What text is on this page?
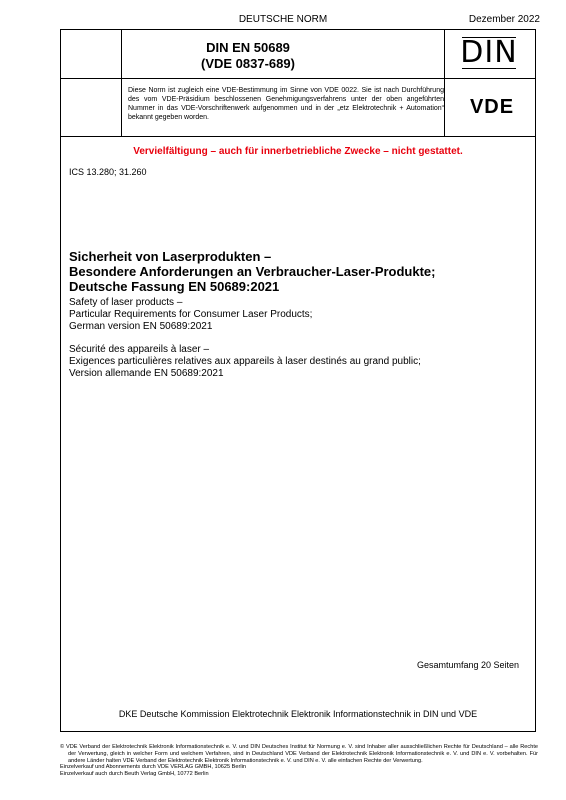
DEUTSCHE NORM	Dezember 2022
DIN EN 50689
(VDE 0837-689)	DIN
Diese Norm ist zugleich eine VDE-Bestimmung im Sinne von VDE 0022. Sie ist nach Durchführung des vom VDE-Präsidium beschlossenen Genehmigungsverfahrens unter der oben angeführten Nummer in das VDE-Vorschriftenwerk aufgenommen und in der „etz Elektrotechnik + Automation“ bekannt gegeben worden.	VDE
Vervielfältigung – auch für innerbetriebliche Zwecke – nicht gestattet.
ICS 13.280; 31.260
Sicherheit von Laserprodukten –
Besondere Anforderungen an Verbraucher-Laser-Produkte;
Deutsche Fassung EN 50689:2021
Safety of laser products –
Particular Requirements for Consumer Laser Products;
German version EN 50689:2021
Sécurité des appareils à laser –
Exigences particulières relatives aux appareils à laser destinés au grand public;
Version allemande EN 50689:2021
Gesamtumfang 20 Seiten
DKE Deutsche Kommission Elektrotechnik Elektronik Informationstechnik in DIN und VDE
© VDE Verband der Elektrotechnik Elektronik Informationstechnik e. V. und DIN Deutsches Institut für Normung e. V. sind Inhaber aller ausschließlichen Rechte für Deutschland – alle Rechte der Verwertung, gleich in welcher Form und welchem Verfahren, sind in Deutschland VDE Verband der Elektrotechnik Elektronik Informationstechnik e. V. und DIN e. V. vorbehalten. Für andere Länder halten VDE Verband der Elektrotechnik Elektronik Informationstechnik e. V. und DIN e. V. alle einfachen Rechte der Verwertung.
Einzelverkauf und Abonnements durch VDE VERLAG GMBH, 10625 Berlin
Einzelverkauf auch durch Beuth Verlag GmbH, 10772 Berlin
